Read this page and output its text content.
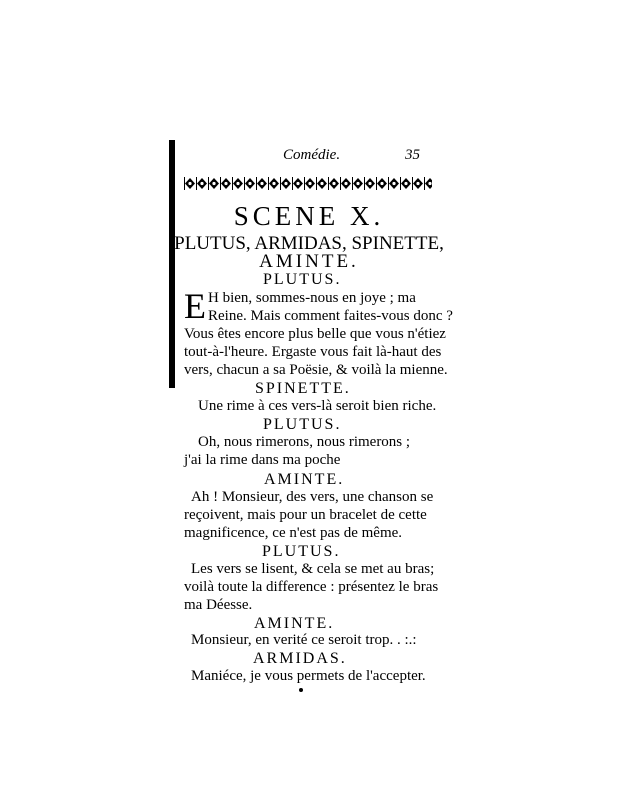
Comédie.	35
SCENE X.
PLUTUS, ARMIDAS, SPINETTE,
AMINTE.
PLUTUS.
E H bien, sommes-nous en joye ; ma
Reine. Mais comment faites-vous donc ?
Vous êtes encore plus belle que vous n'étiez
tout-à-l'heure. Ergaste vous fait là-haut des
vers, chacun a sa Poësie, & voilà la mienne.
SPINETTE.
Une rime à ces vers-là seroit bien riche.
PLUTUS.
Oh, nous rimerons, nous rimerons ;
j'ai la rime dans ma poche
AMINTE.
Ah ! Monsieur, des vers, une chanson se
reçoivent, mais pour un bracelet de cette
magnificence, ce n'est pas de même.
PLUTUS.
Les vers se lisent, & cela se met au bras;
voilà toute la difference : présentez le bras
ma Déesse.
AMINTE.
Monsieur, en verité ce seroit trop. . :.:
ARMIDAS.
Maniéce, je vous permets de l'accepter.
